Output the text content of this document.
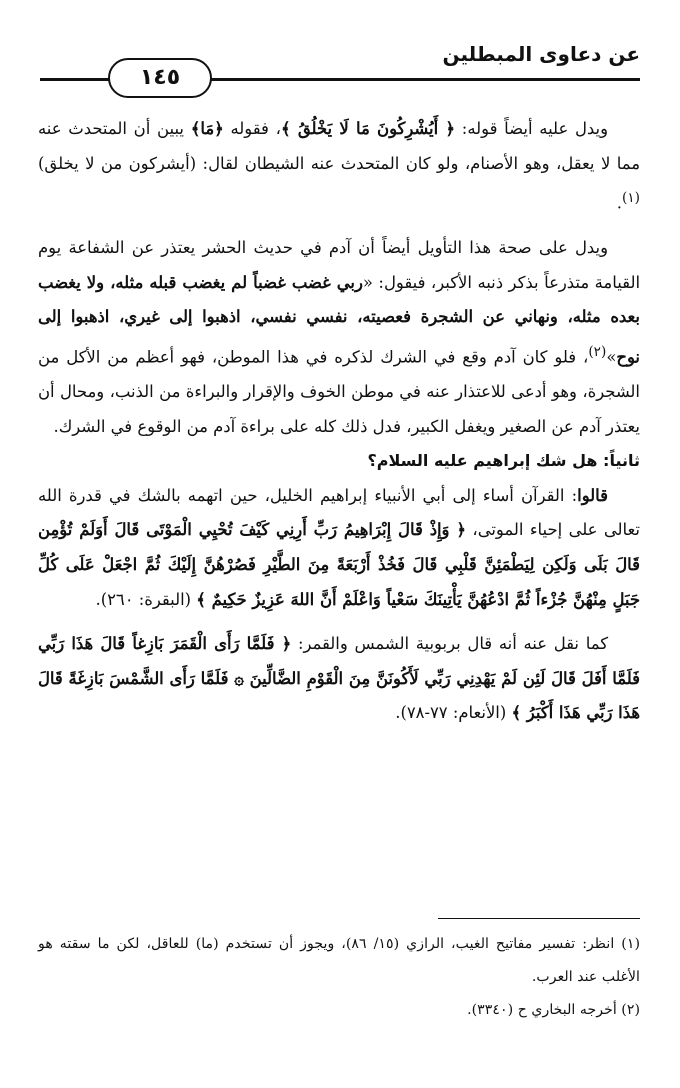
عن دعاوى المبطلين
١٤٥

ويدل عليه أيضاً قوله: ﴿ أَيُشْرِكُونَ مَا لَا يَخْلُقُ ﴾، فقوله ﴿مَا﴾ يبين أن المتحدث عنه مما لا يعقل، وهو الأصنام، ولو كان المتحدث عنه الشيطان لقال: (أيشركون من لا يخلق)$^{(١)}$.

ويدل على صحة هذا التأويل أيضاً أن آدم في حديث الحشر يعتذر عن الشفاعة يوم القيامة متذرعاً بذكر ذنبه الأكبر، فيقول: «ربي غضب غضباً لم يغضب قبله مثله، ولا يغضب بعده مثله، ونهاني عن الشجرة فعصيته، نفسي نفسي، اذهبوا إلى غيري، اذهبوا إلى نوح»$^{(٢)}$، فلو كان آدم وقع في الشرك لذكره في هذا الموطن، فهو أعظم من الأكل من الشجرة، وهو أدعى للاعتذار عنه في موطن الخوف والإقرار والبراءة من الذنب، ومحال أن يعتذر آدم عن الصغير ويغفل الكبير، فدل ذلك كله على براءة آدم من الوقوع في الشرك.

ثانياً: هل شك إبراهيم عليه السلام؟

قالوا: القرآن أساء إلى أبي الأنبياء إبراهيم الخليل، حين اتهمه بالشك في قدرة الله تعالى على إحياء الموتى، ﴿ وَإِذْ قَالَ إِبْرَاهِيمُ رَبِّ أَرِنِي كَيْفَ تُحْيِي الْمَوْتَى قَالَ أَوَلَمْ تُؤْمِن قَالَ بَلَى وَلَكِن لِيَطْمَئِنَّ قَلْبِي قَالَ فَخُذْ أَرْبَعَةً مِنَ الطَّيْرِ فَصُرْهُنَّ إِلَيْكَ ثُمَّ اجْعَلْ عَلَى كُلِّ جَبَلٍ مِنْهُنَّ جُزْءاً ثُمَّ ادْعُهُنَّ يَأْتِينَكَ سَعْياً وَاعْلَمْ أَنَّ اللهَ عَزِيزٌ حَكِيمٌ ﴾ (البقرة: ٢٦٠).

كما نقل عنه أنه قال بربوبية الشمس والقمر: ﴿ فَلَمَّا رَأَى الْقَمَرَ بَازِغاً قَالَ هَذَا رَبِّي فَلَمَّا أَفَلَ قَالَ لَئِن لَمْ يَهْدِنِي رَبِّي لَأَكُونَنَّ مِنَ الْقَوْمِ الضَّالِّينَ ۞ فَلَمَّا رَأَى الشَّمْسَ بَازِغَةً قَالَ هَذَا رَبِّي هَذَا أَكْبَرُ ﴾ (الأنعام: ٧٧-٧٨).

(١) انظر: تفسير مفاتيح الغيب، الرازي (١٥/ ٨٦)، ويجوز أن تستخدم (ما) للعاقل، لكن ما سقته هو الأغلب عند العرب.

(٢) أخرجه البخاري ح (٣٣٤٠).
